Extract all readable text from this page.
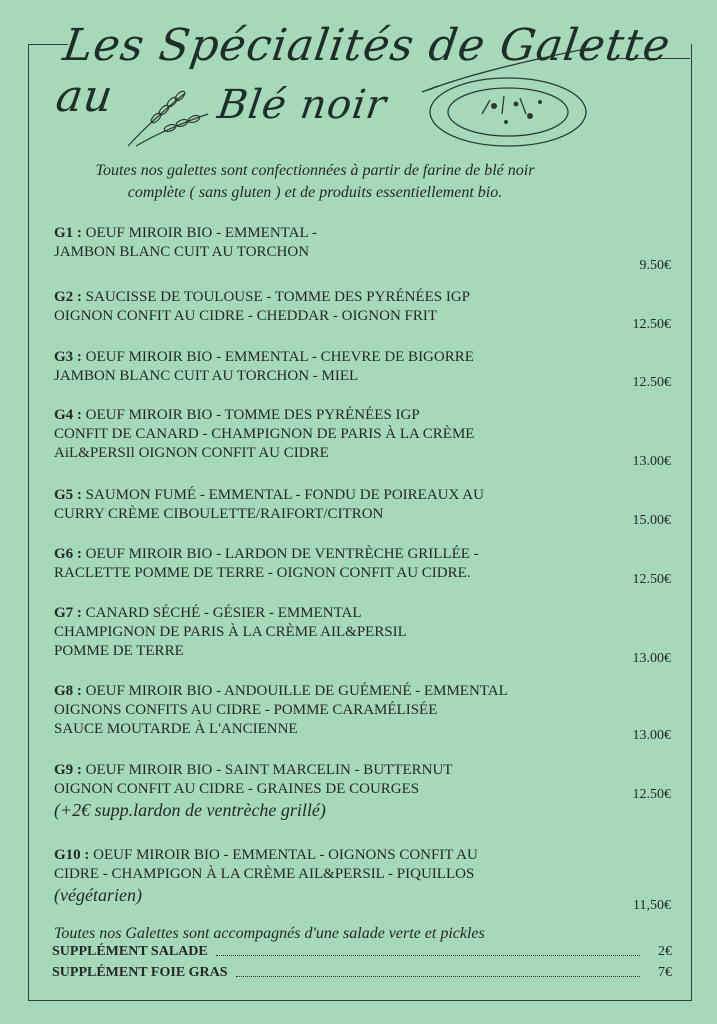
Les Spécialités de Galette au	Blé noir
Toutes nos galettes sont confectionnées à partir de farine de blé noir complète ( sans gluten ) et de produits essentiellement bio.
G1 : OEUF MIROIR BIO - EMMENTAL -
JAMBON BLANC CUIT AU TORCHON
9.50€
G2 : SAUCISSE DE TOULOUSE - TOMME DES PYRÉNÉES IGP
OIGNON CONFIT AU CIDRE - CHEDDAR - OIGNON FRIT
12.50€
G3 : OEUF MIROIR BIO - EMMENTAL - CHEVRE DE BIGORRE
JAMBON BLANC CUIT AU TORCHON - MIEL	12.50€
G4 : OEUF MIROIR BIO - TOMME DES PYRÉNÉES IGP
CONFIT DE CANARD - CHAMPIGNON DE PARIS À LA CRÈME
AiL&PERSIl OIGNON CONFIT AU CIDRE
13.00€
G5 : SAUMON FUMÉ - EMMENTAL - FONDU DE POIREAUX AU
CURRY CRÈME CIBOULETTE/RAIFORT/CITRON	15.00€
G6 : OEUF MIROIR BIO - LARDON DE VENTRÈCHE GRILLÉE -
RACLETTE POMME DE TERRE - OIGNON CONFIT AU CIDRE.	12.50€
G7 : CANARD SÉCHÉ - GÉSIER - EMMENTAL
CHAMPIGNON DE PARIS À LA CRÈME AIL&PERSIL
POMME DE TERRE	13.00€
G8 : OEUF MIROIR BIO - ANDOUILLE DE GUÉMENÉ - EMMENTAL
OIGNONS CONFITS AU CIDRE - POMME CARAMÉLISÉE
SAUCE MOUTARDE À L'ANCIENNE	13.00€
G9 : OEUF MIROIR BIO - SAINT MARCELIN - BUTTERNUT
OIGNON CONFIT AU CIDRE - GRAINES DE COURGES
(+2€ supp.lardon de ventrèche grillé)
12.50€
G10 : OEUF MIROIR BIO - EMMENTAL - OIGNONS CONFIT AU
CIDRE - CHAMPIGON À LA CRÈME AIL&PERSIL - PIQUILLOS
(végétarien)
11,50€
Toutes nos Galettes sont accompagnés d'une salade verte et pickles
SUPPLÉMENT SALADE	2€
SUPPLÉMENT FOIE GRAS	7€
